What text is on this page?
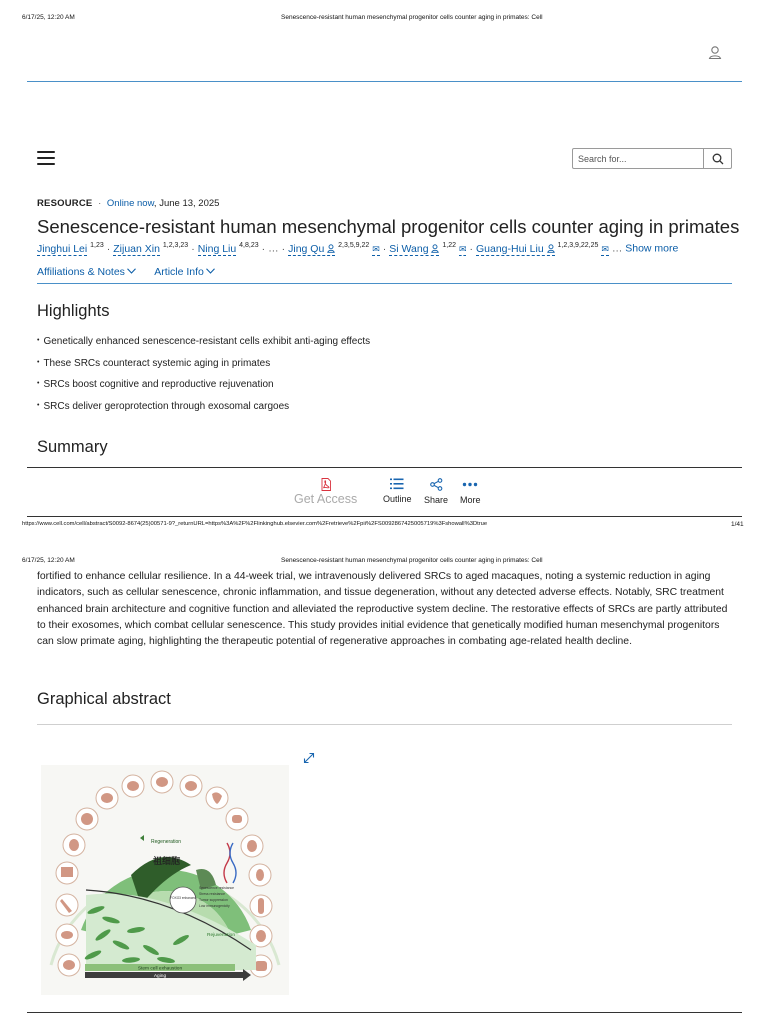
6/17/25, 12:20 AM	Senescence-resistant human mesenchymal progenitor cells counter aging in primates: Cell
Search for...
RESOURCE · Online now, June 13, 2025
Senescence-resistant human mesenchymal progenitor cells counter aging in primates
Jinghui Lei $^{1,23}$ · Zijuan Xin $^{1,2,3,23}$ · Ning Liu $^{4,8,23}$ · … · Jing Qu $^{2,3,5,9,22}$ ✉ · Si Wang $^{1,22}$ ✉ · Guang-Hui Liu $^{1,2,3,9,22,25}$ ✉ … Show more
Affiliations & Notes	Article Info
Highlights
• Genetically enhanced senescence-resistant cells exhibit anti-aging effects
• These SRCs counteract systemic aging in primates
• SRCs boost cognitive and reproductive rejuvenation
• SRCs deliver geroprotection through exosomal cargoes
Summary
Get Access	Outline Share More
https://www.cell.com/cell/abstract/S0092-8674(25)00571-9?_returnURL=https%3A%2F%2Flinkinghub.elsevier.com%2Fretrieve%2Fpii%2FS009286742500571​9%3Fshowall%3Dtrue	1/41
6/17/25, 12:20 AM	Senescence-resistant human mesenchymal progenitor cells counter aging in primates: Cell
fortified to enhance cellular resilience. In a 44-week trial, we intravenously delivered SRCs to aged macaques, noting a systemic reduction in aging indicators, such as cellular senescence, chronic inflammation, and tissue degeneration, without any detected adverse effects. Notably, SRC treatment enhanced brain architecture and cognitive function and alleviated the reproductive system decline. The restorative effects of SRCs are partly attributed to their exosomes, which combat cellular senescence. This study provides initial evidence that genetically modified human mesenchymal progenitors can slow primate aging, highlighting the therapeutic potential of regenerative approaches in combating age-related health decline.
Graphical abstract
Regeneration
祖细胞
FOXO3 enhanced
Senescence resistance
Stress resistance
Tumor suppression
Low immunogenicity
Rejuvenation
Stem cell exhaustion
Aging
